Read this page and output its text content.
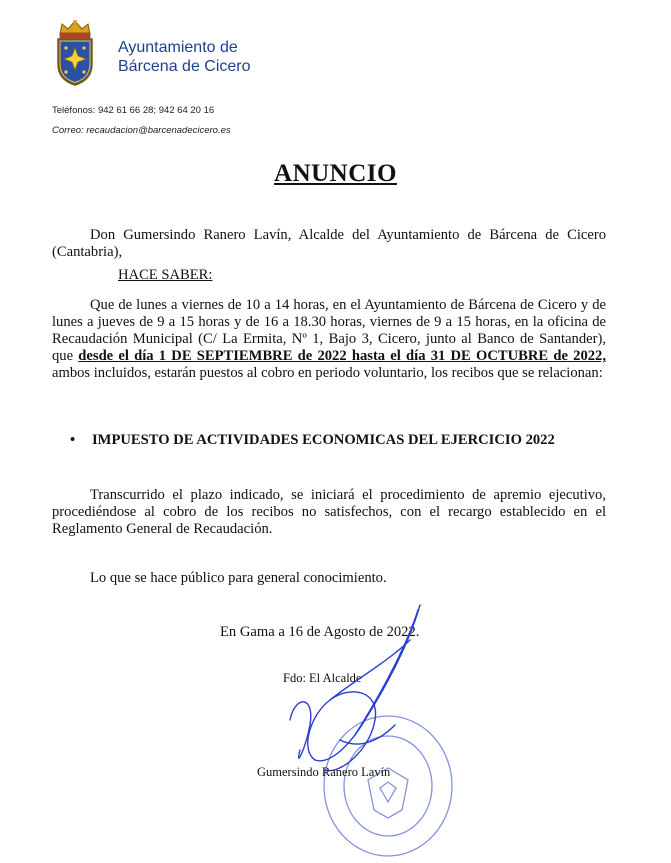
Ayuntamiento de
Bárcena de Cicero
Teléfonos: 942 61 66 28; 942 64 20 16
Correo: recaudacion@barcenadecicero.es
ANUNCIO

Don Gumersindo Ranero Lavín, Alcalde del Ayuntamiento de Bárcena de Cicero (Cantabria),

HACE SABER:

Que de lunes a viernes de 10 a 14 horas, en el Ayuntamiento de Bárcena de Cicero y de lunes a jueves de 9 a 15 horas y de 16 a 18.30 horas, viernes de 9 a 15 horas, en la oficina de Recaudación Municipal (C/ La Ermita, Nº 1, Bajo 3, Cicero, junto al Banco de Santander), que desde el día 1 DE SEPTIEMBRE de 2022 hasta el día 31 DE OCTUBRE de 2022, ambos incluidos, estarán puestos al cobro en periodo voluntario, los recibos que se relacionan:

• IMPUESTO DE ACTIVIDADES ECONOMICAS DEL EJERCICIO 2022

Transcurrido el plazo indicado, se iniciará el procedimiento de apremio ejecutivo, procediéndose al cobro de los recibos no satisfechos, con el recargo establecido en el Reglamento General de Recaudación.

Lo que se hace público para general conocimiento.
En Gama a 16 de Agosto de 2022.
Fdo: El Alcalde
Gumersindo Ranero Lavín
